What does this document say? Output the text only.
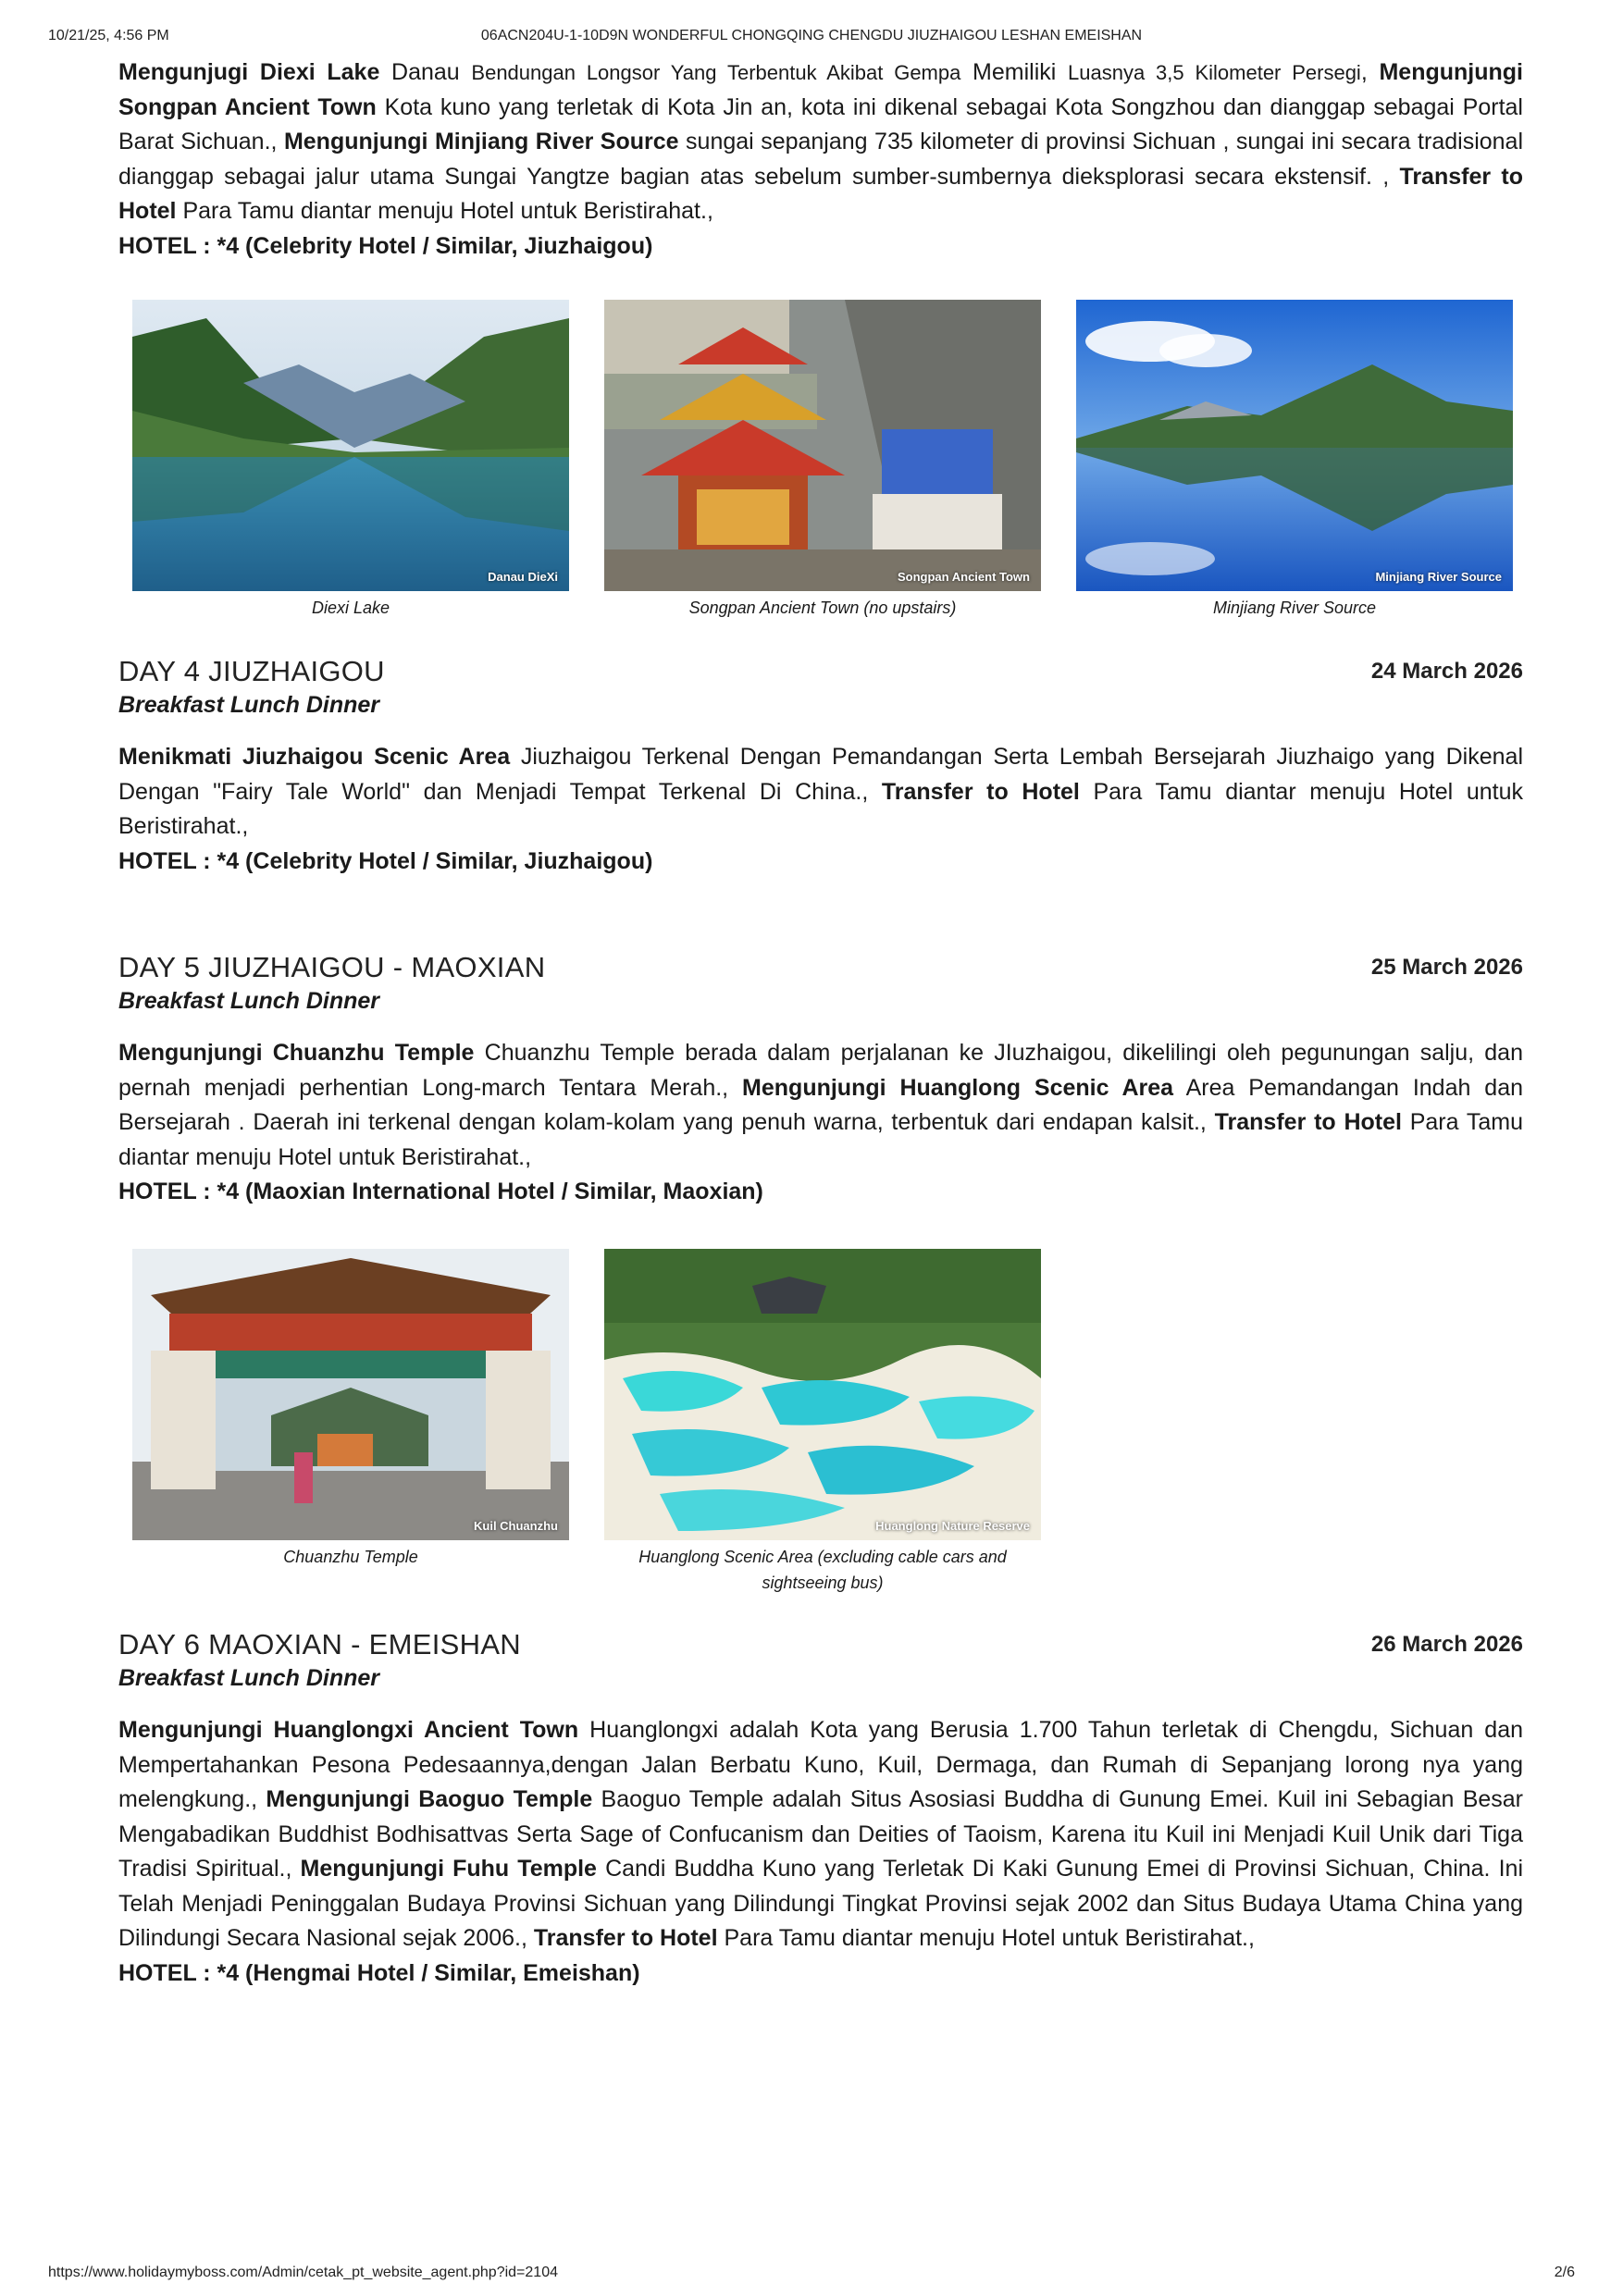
10/21/25, 4:56 PM	06ACN204U-1-10D9N WONDERFUL CHONGQING CHENGDU JIUZHAIGOU LESHAN EMEISHAN

Mengunjugi Diexi Lake Danau Bendungan Longsor Yang Terbentuk Akibat Gempa Memiliki Luasnya 3,5 Kilometer Persegi, Mengunjungi Songpan Ancient Town Kota kuno yang terletak di Kota Jin an, kota ini dikenal sebagai Kota Songzhou dan dianggap sebagai Portal Barat Sichuan., Mengunjungi Minjiang River Source sungai sepanjang 735 kilometer di provinsi Sichuan , sungai ini secara tradisional dianggap sebagai jalur utama Sungai Yangtze bagian atas sebelum sumber-sumbernya dieksplorasi secara ekstensif. , Transfer to Hotel Para Tamu diantar menuju Hotel untuk Beristirahat.,

HOTEL : *4 (Celebrity Hotel / Similar, Jiuzhaigou)

Danau DieXi
Diexi Lake
Songpan Ancient Town
Songpan Ancient Town (no upstairs)
Minjiang River Source
Minjiang River Source
DAY 4 JIUZHAIGOU	24 March 2026
Breakfast Lunch Dinner

Menikmati Jiuzhaigou Scenic Area Jiuzhaigou Terkenal Dengan Pemandangan Serta Lembah Bersejarah Jiuzhaigo yang Dikenal Dengan "Fairy Tale World" dan Menjadi Tempat Terkenal Di China., Transfer to Hotel Para Tamu diantar menuju Hotel untuk Beristirahat.,

HOTEL : *4 (Celebrity Hotel / Similar, Jiuzhaigou)

DAY 5 JIUZHAIGOU - MAOXIAN	25 March 2026
Breakfast Lunch Dinner

Mengunjungi Chuanzhu Temple Chuanzhu Temple berada dalam perjalanan ke JIuzhaigou, dikelilingi oleh pegunungan salju, dan pernah menjadi perhentian Long-march Tentara Merah., Mengunjungi Huanglong Scenic Area Area Pemandangan Indah dan Bersejarah . Daerah ini terkenal dengan kolam-kolam yang penuh warna, terbentuk dari endapan kalsit., Transfer to Hotel Para Tamu diantar menuju Hotel untuk Beristirahat.,

HOTEL : *4 (Maoxian International Hotel / Similar, Maoxian)

Kuil Chuanzhu
Chuanzhu Temple
Huanglong Nature Reserve
Huanglong Scenic Area (excluding cable cars and sightseeing bus)
DAY 6 MAOXIAN - EMEISHAN	26 March 2026
Breakfast Lunch Dinner

Mengunjungi Huanglongxi Ancient Town Huanglongxi adalah Kota yang Berusia 1.700 Tahun terletak di Chengdu, Sichuan dan Mempertahankan Pesona Pedesaannya,dengan Jalan Berbatu Kuno, Kuil, Dermaga, dan Rumah di Sepanjang lorong nya yang melengkung., Mengunjungi Baoguo Temple Baoguo Temple adalah Situs Asosiasi Buddha di Gunung Emei. Kuil ini Sebagian Besar Mengabadikan Buddhist Bodhisattvas Serta Sage of Confucanism dan Deities of Taoism, Karena itu Kuil ini Menjadi Kuil Unik dari Tiga Tradisi Spiritual., Mengunjungi Fuhu Temple Candi Buddha Kuno yang Terletak Di Kaki Gunung Emei di Provinsi Sichuan, China. Ini Telah Menjadi Peninggalan Budaya Provinsi Sichuan yang Dilindungi Tingkat Provinsi sejak 2002 dan Situs Budaya Utama China yang Dilindungi Secara Nasional sejak 2006., Transfer to Hotel Para Tamu diantar menuju Hotel untuk Beristirahat.,

HOTEL : *4 (Hengmai Hotel / Similar, Emeishan)

https://www.holidaymyboss.com/Admin/cetak_pt_website_agent.php?id=2104	2/6
